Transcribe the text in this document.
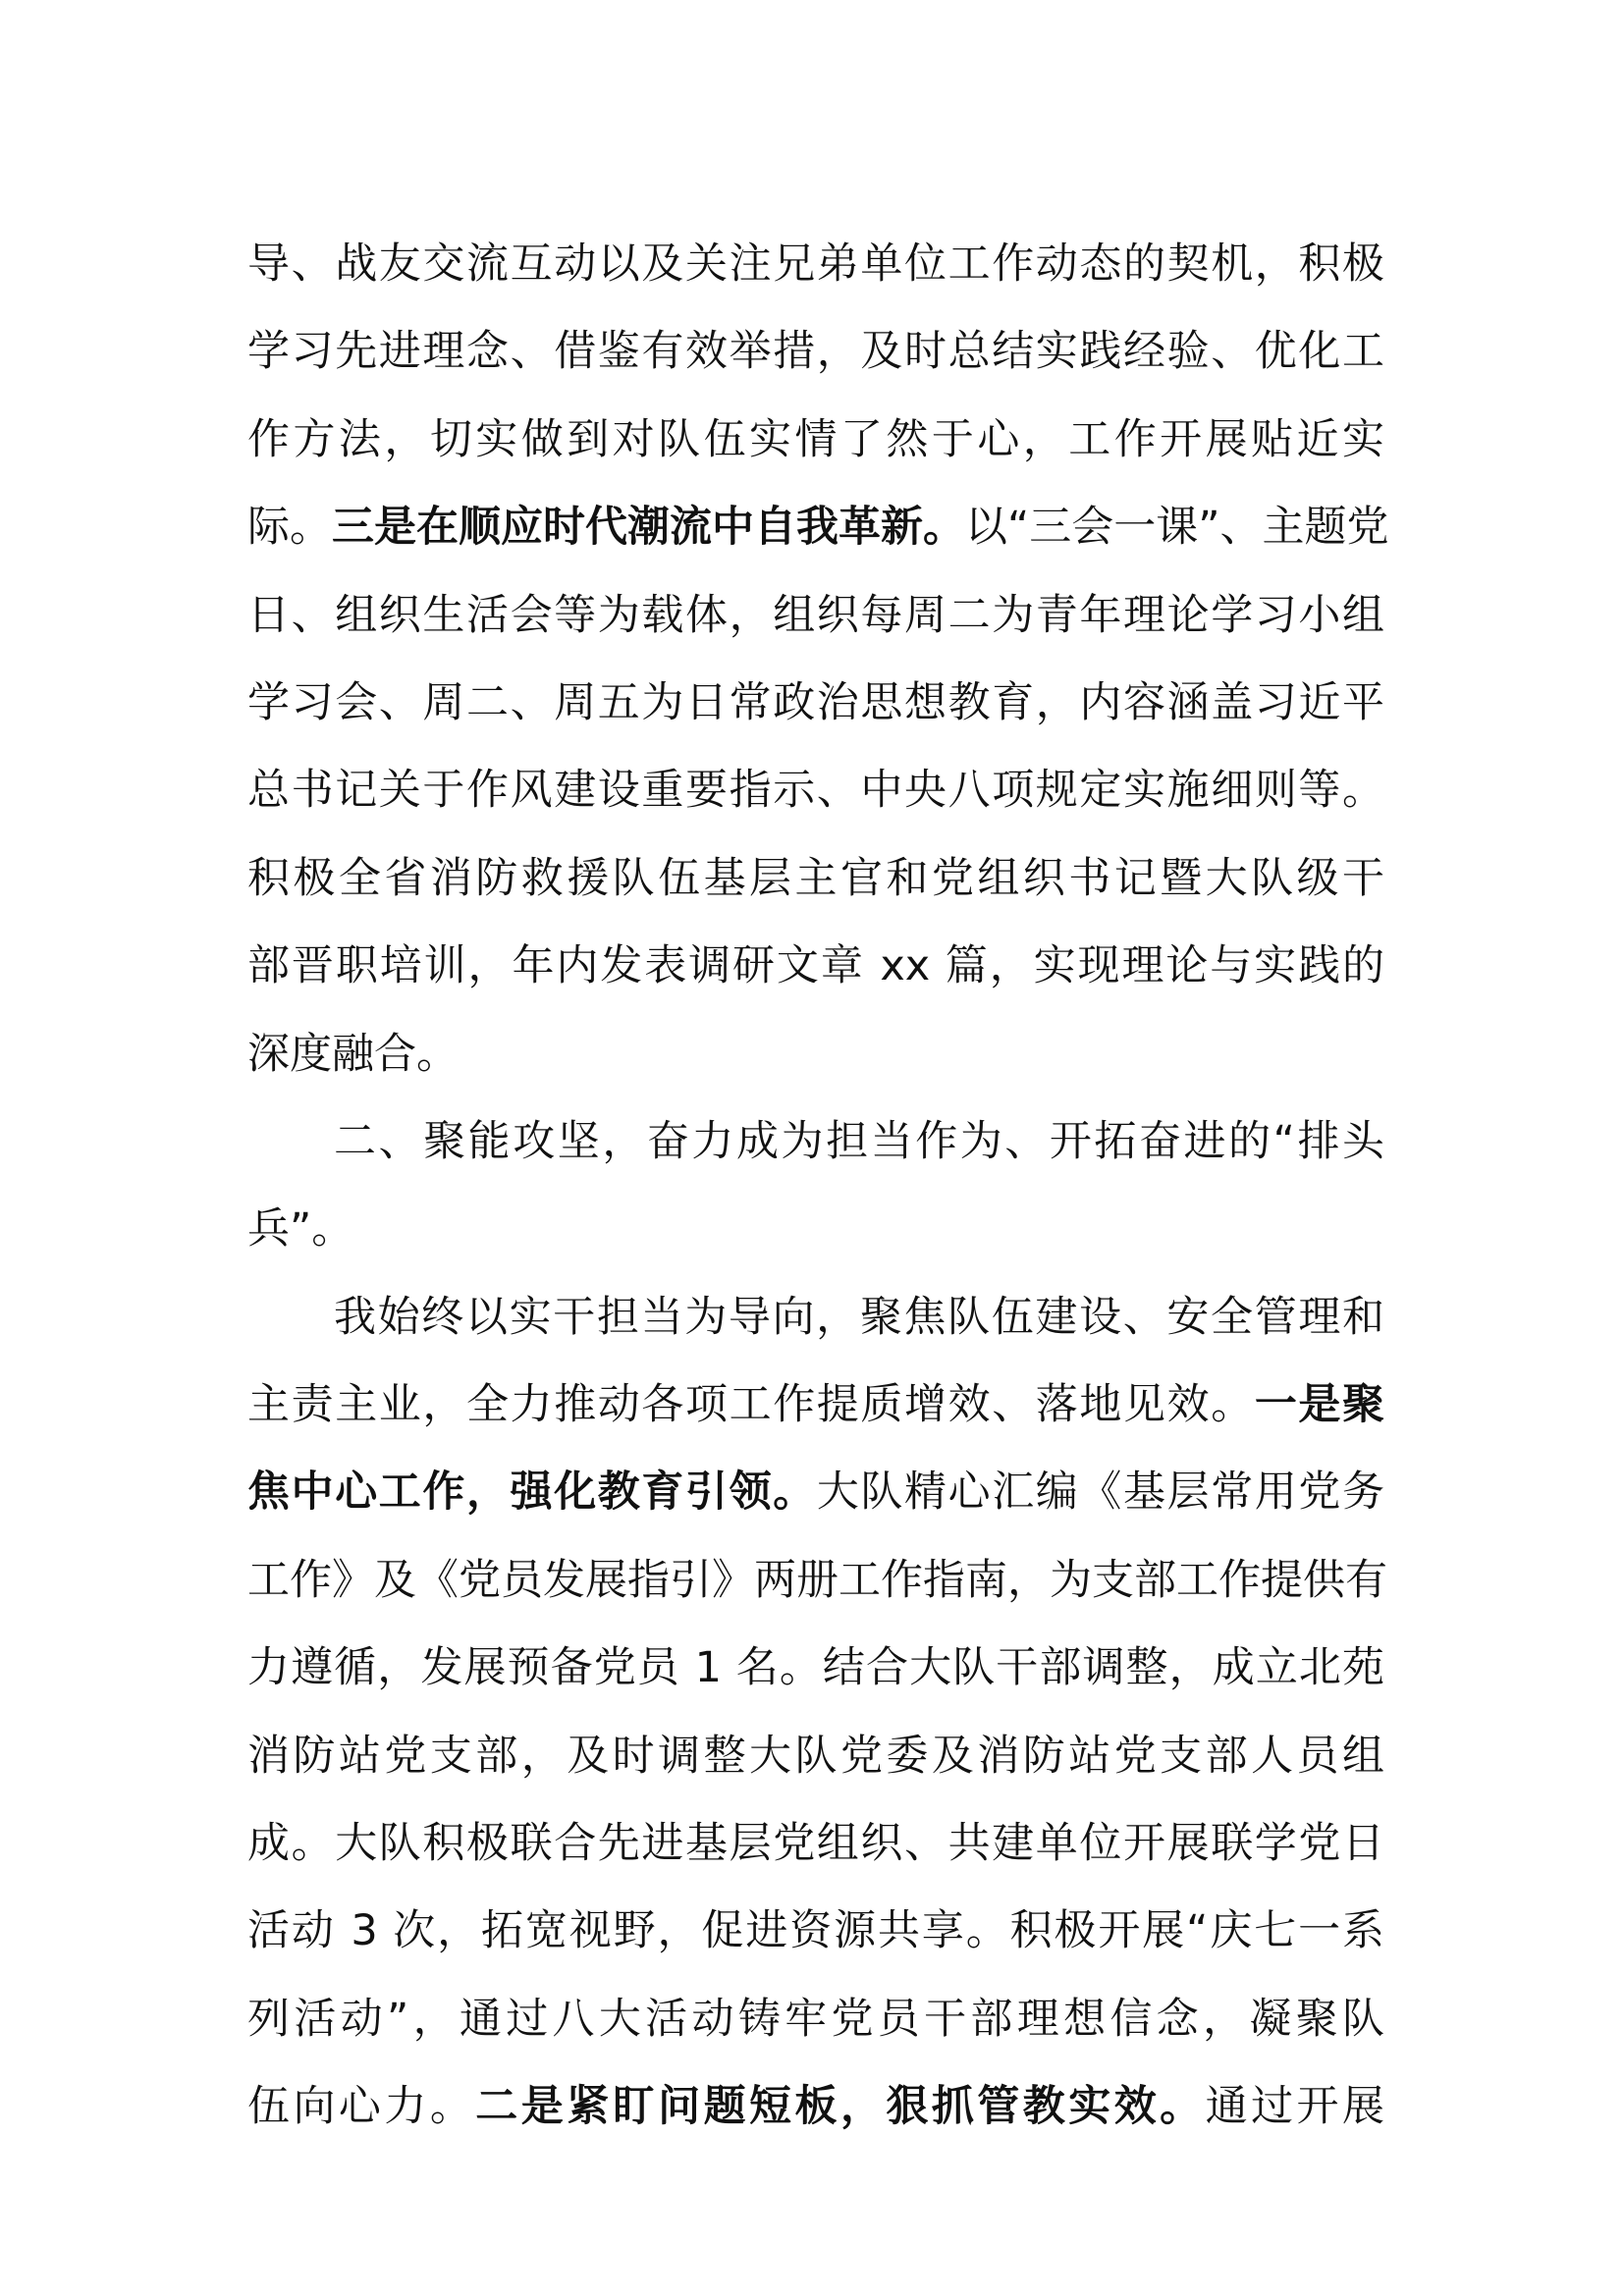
导、战友交流互动以及关注兄弟单位工作动态的契机，积极
学习先进理念、借鉴有效举措，及时总结实践经验、优化工
作方法，切实做到对队伍实情了然于心，工作开展贴近实
际。三是在顺应时代潮流中自我革新。以“三会一课”、主题党
日、组织生活会等为载体，组织每周二为青年理论学习小组
学习会、周二、周五为日常政治思想教育，内容涵盖习近平
总书记关于作风建设重要指示、中央八项规定实施细则等。
积极全省消防救援队伍基层主官和党组织书记暨大队级干
部晋职培训，年内发表调研文章 xx 篇，实现理论与实践的
深度融合。
二、聚能攻坚，奋力成为担当作为、开拓奋进的“排头
兵”。
我始终以实干担当为导向，聚焦队伍建设、安全管理和
主责主业，全力推动各项工作提质增效、落地见效。一是聚
焦中心工作，强化教育引领。大队精心汇编《基层常用党务
工作》及《党员发展指引》两册工作指南，为支部工作提供有
力遵循，发展预备党员 1 名。结合大队干部调整，成立北苑
消防站党支部，及时调整大队党委及消防站党支部人员组
成。大队积极联合先进基层党组织、共建单位开展联学党日
活动 3 次，拓宽视野，促进资源共享。积极开展“庆七一系
列活动”，通过八大活动铸牢党员干部理想信念，凝聚队
伍向心力。二是紧盯问题短板，狠抓管教实效。通过开展
